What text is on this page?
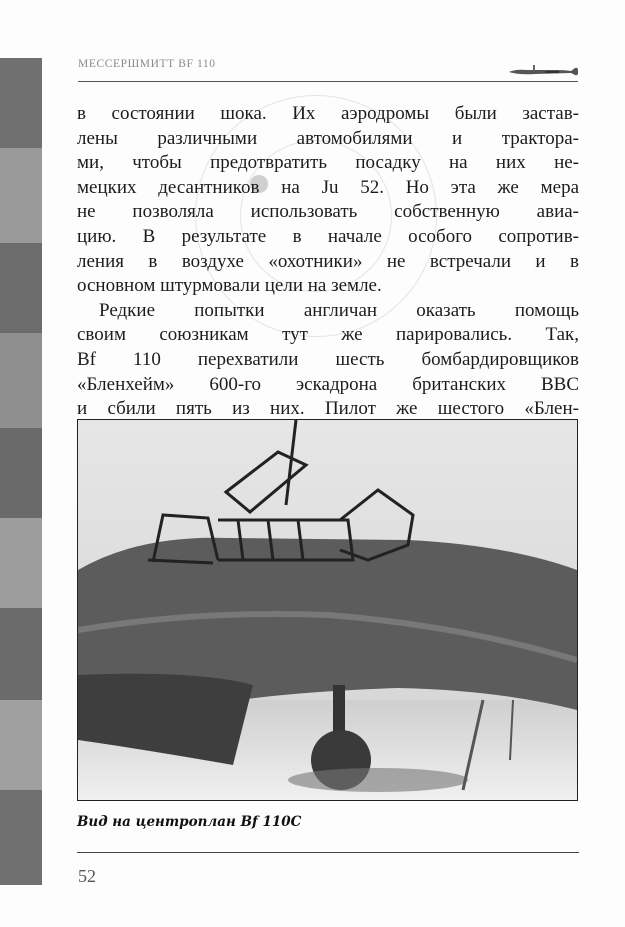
МЕССЕРШМИТТ BF 110

в состоянии шока. Их аэродромы были застав-
лены различными автомобилями и трактора-
ми, чтобы предотвратить посадку на них не-
мецких десантников на Ju 52. Но эта же мера
не позволяла использовать собственную авиа-
цию. В результате в начале особого сопротив-
ления в воздухе «охотники» не встречали и в
основном штурмовали цели на земле.

Редкие попытки англичан оказать помощь
своим союзникам тут же парировались. Так,
Bf 110 перехватили шесть бомбардировщиков
«Бленхейм» 600-го эскадрона британских ВВС
и сбили пять из них. Пилот же шестого «Блен-

Вид на центроплан Bf 110C
52
